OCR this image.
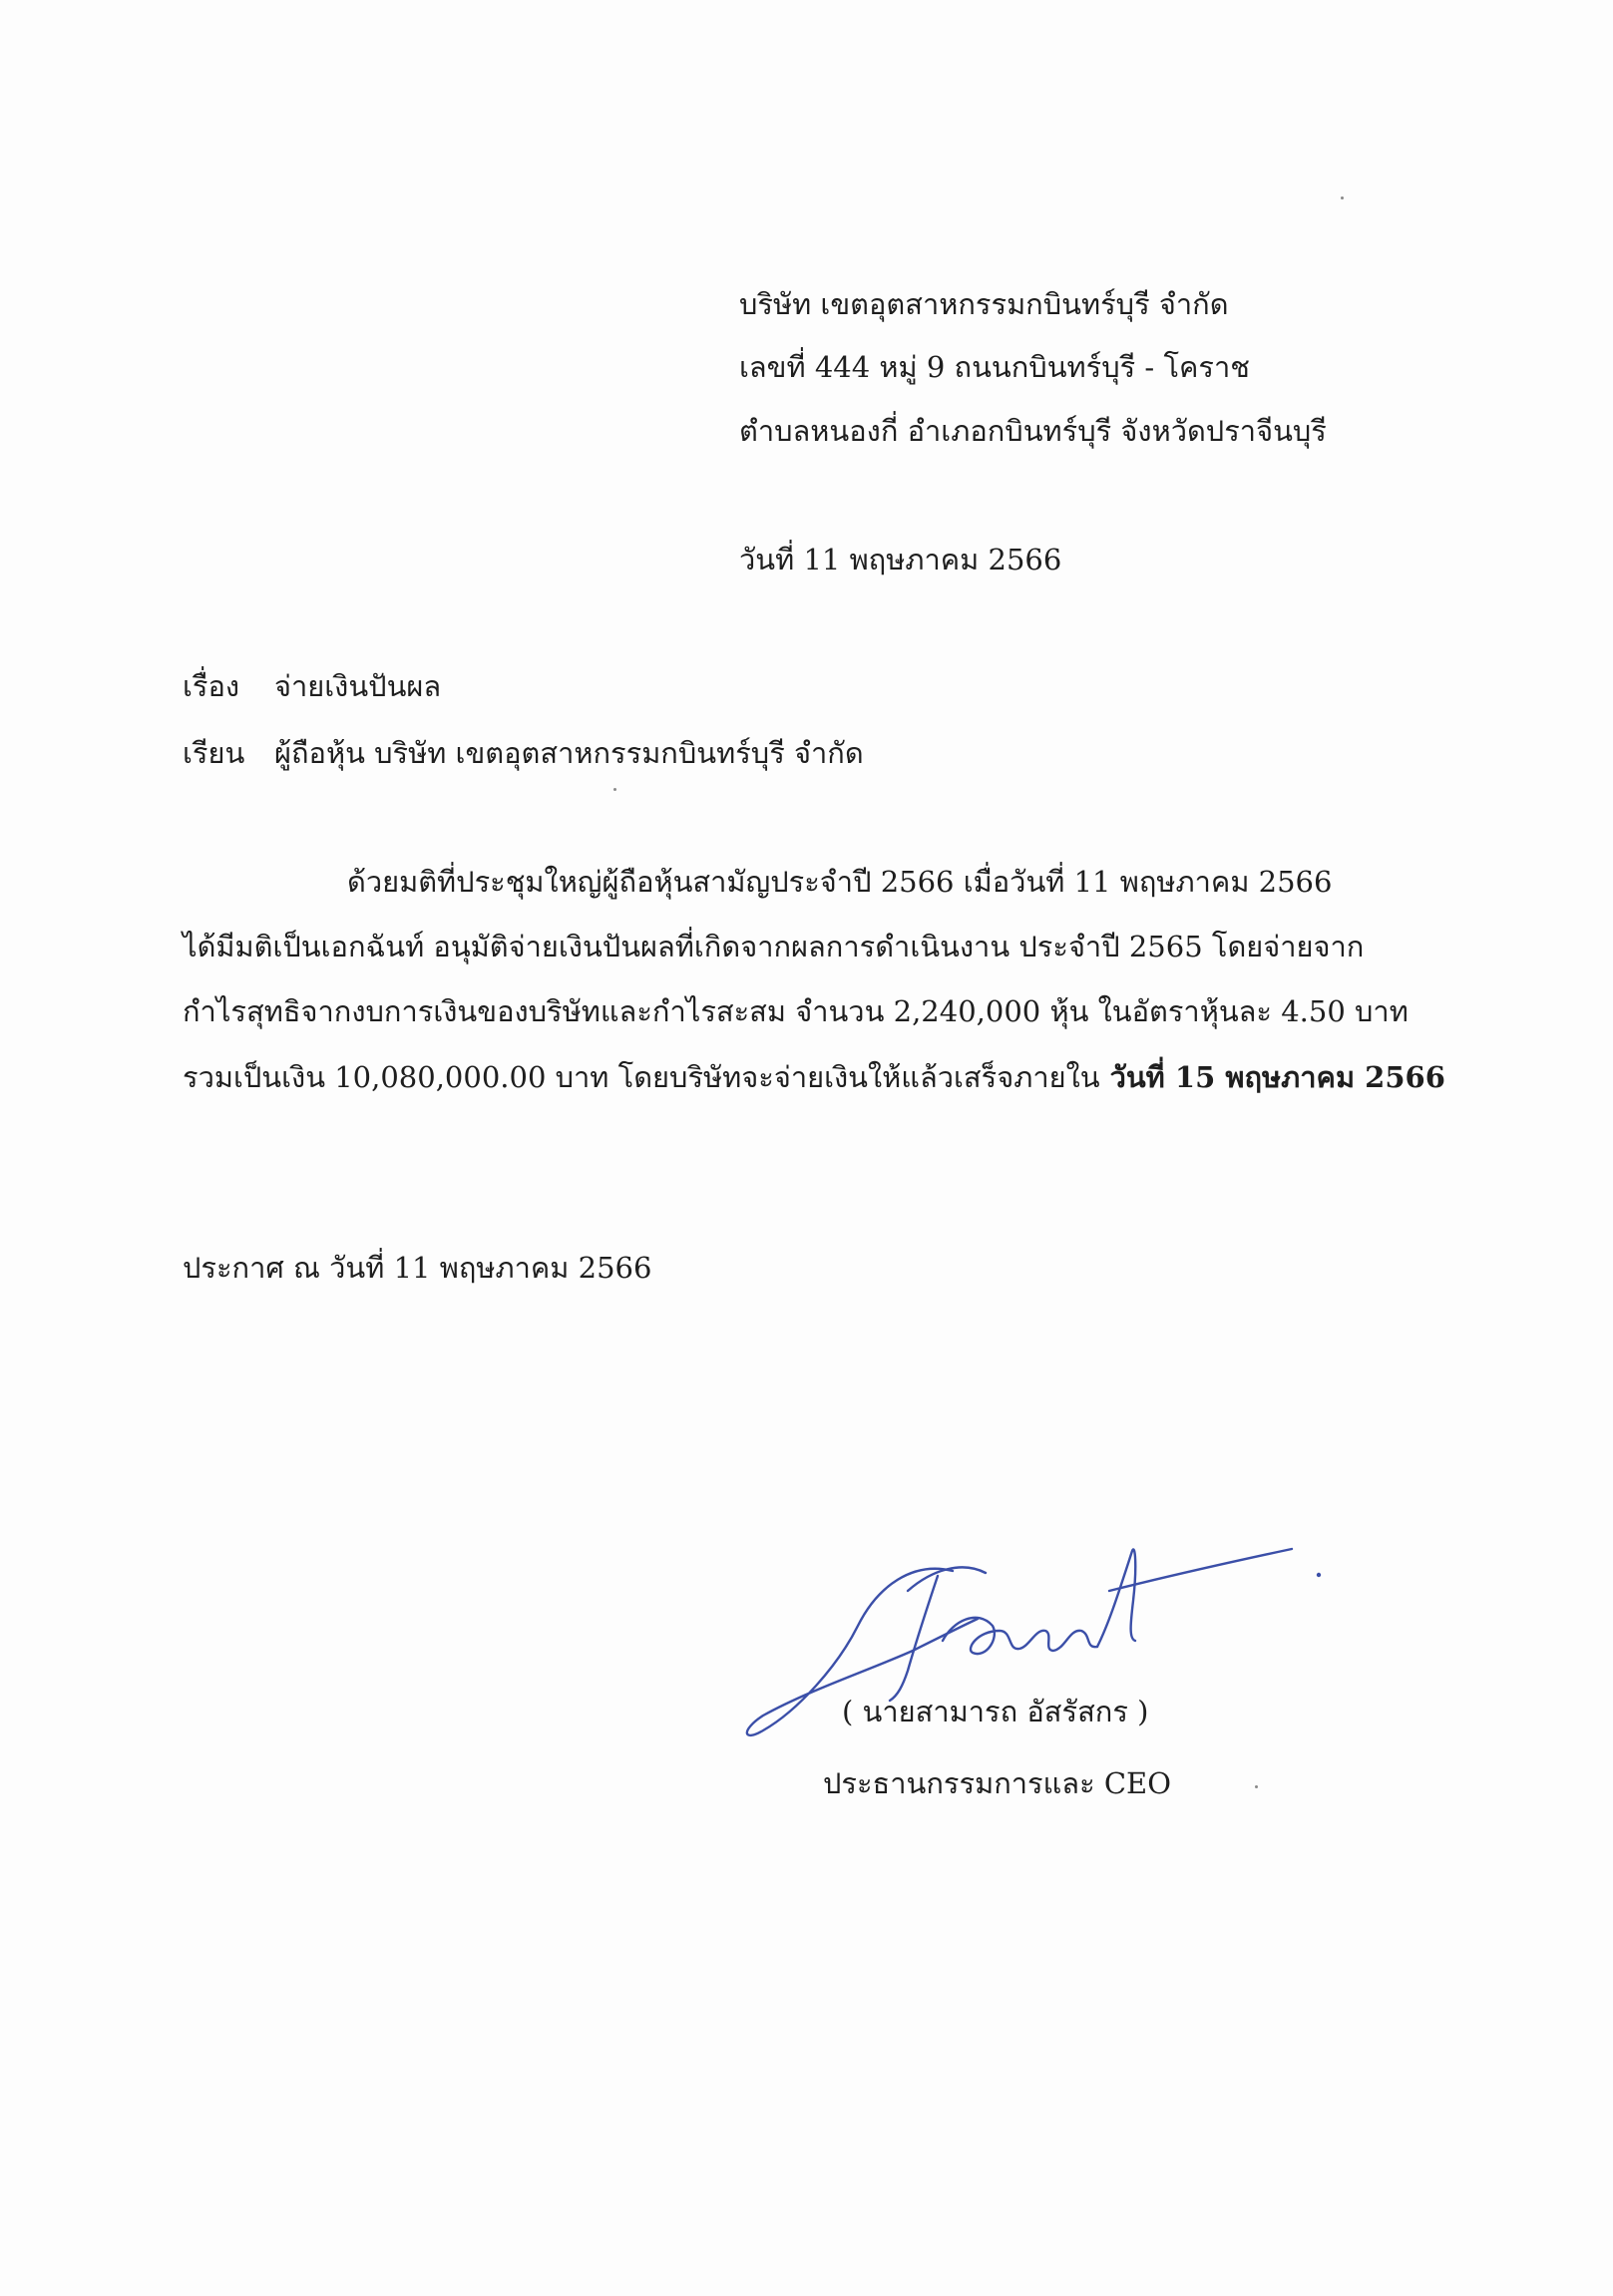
บริษัท เขตอุตสาหกรรมกบินทร์บุรี จำกัด
เลขที่ 444 หมู่ 9 ถนนกบินทร์บุรี - โคราช
ตำบลหนองกี่ อำเภอกบินทร์บุรี จังหวัดปราจีนบุรี
วันที่ 11 พฤษภาคม 2566
เรื่อง จ่ายเงินปันผล
เรียน ผู้ถือหุ้น บริษัท เขตอุตสาหกรรมกบินทร์บุรี จำกัด
ด้วยมติที่ประชุมใหญ่ผู้ถือหุ้นสามัญประจำปี 2566 เมื่อวันที่ 11 พฤษภาคม 2566
ได้มีมติเป็นเอกฉันท์ อนุมัติจ่ายเงินปันผลที่เกิดจากผลการดำเนินงาน ประจำปี 2565 โดยจ่ายจาก
กำไรสุทธิจากงบการเงินของบริษัทและกำไรสะสม จำนวน 2,240,000 หุ้น ในอัตราหุ้นละ 4.50 บาท
รวมเป็นเงิน 10,080,000.00 บาท โดยบริษัทจะจ่ายเงินให้แล้วเสร็จภายใน วันที่ 15 พฤษภาคม 2566
ประกาศ ณ วันที่ 11 พฤษภาคม 2566
( นายสามารถ อัสรัสกร )
ประธานกรรมการและ CEO
